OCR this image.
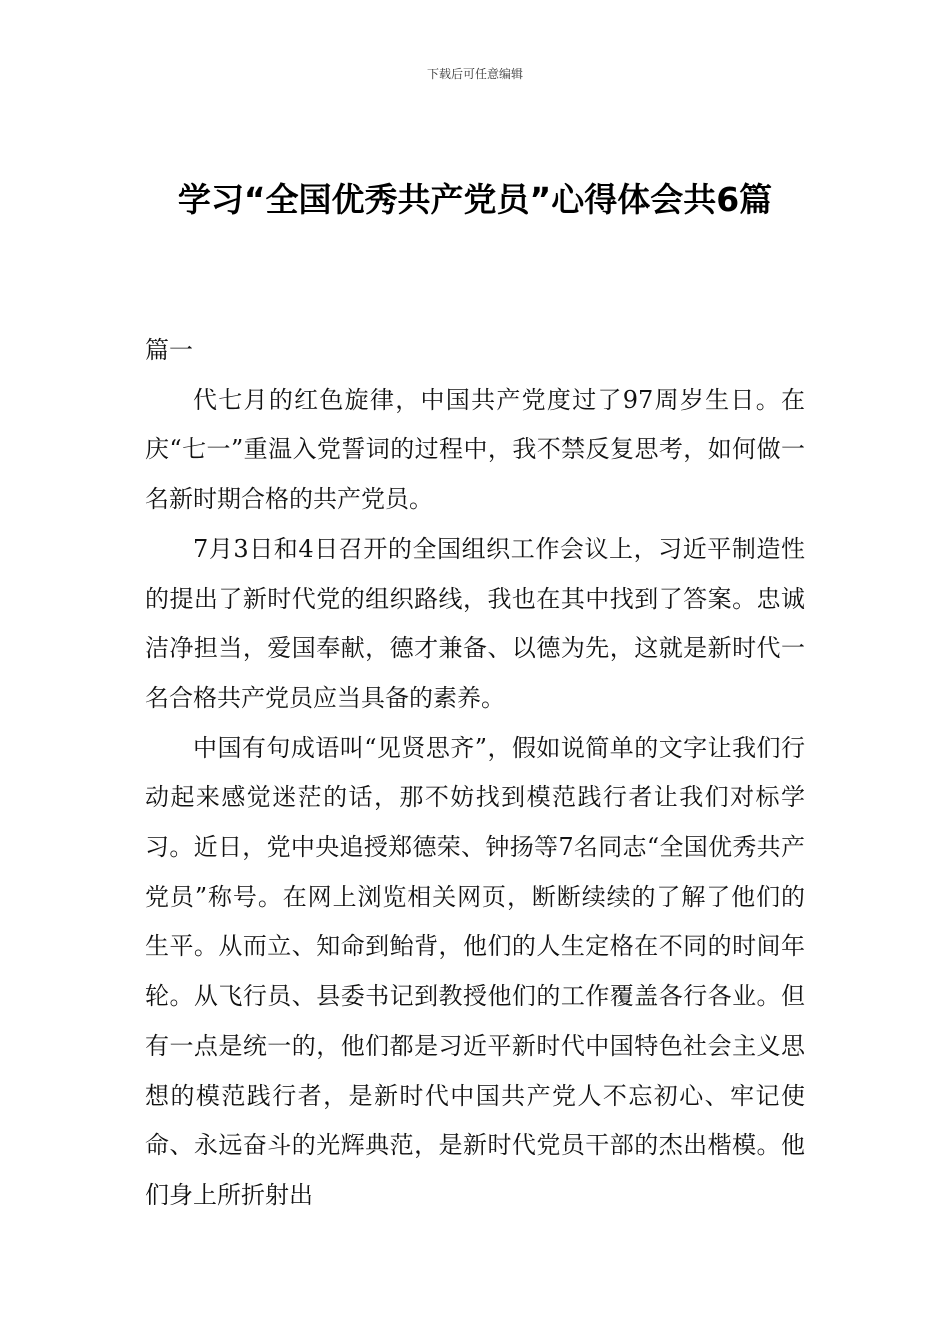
下载后可任意编辑
学习“全国优秀共产党员”心得体会共6篇
篇一

代七月的红色旋律，中国共产党度过了97周岁生日。在庆“七一”重温入党誓词的过程中，我不禁反复思考，如何做一名新时期合格的共产党员。

7月3日和4日召开的全国组织工作会议上，习近平制造性的提出了新时代党的组织路线，我也在其中找到了答案。忠诚洁净担当，爱国奉献，德才兼备、以德为先，这就是新时代一名合格共产党员应当具备的素养。

中国有句成语叫“见贤思齐”，假如说简单的文字让我们行动起来感觉迷茫的话，那不妨找到模范践行者让我们对标学习。近日，党中央追授郑德荣、钟扬等7名同志“全国优秀共产党员”称号。在网上浏览相关网页，断断续续的了解了他们的生平。从而立、知命到鲐背，他们的人生定格在不同的时间年轮。从飞行员、县委书记到教授他们的工作覆盖各行各业。但有一点是统一的，他们都是习近平新时代中国特色社会主义思想的模范践行者，是新时代中国共产党人不忘初心、牢记使命、永远奋斗的光辉典范，是新时代党员干部的杰出楷模。他们身上所折射出
